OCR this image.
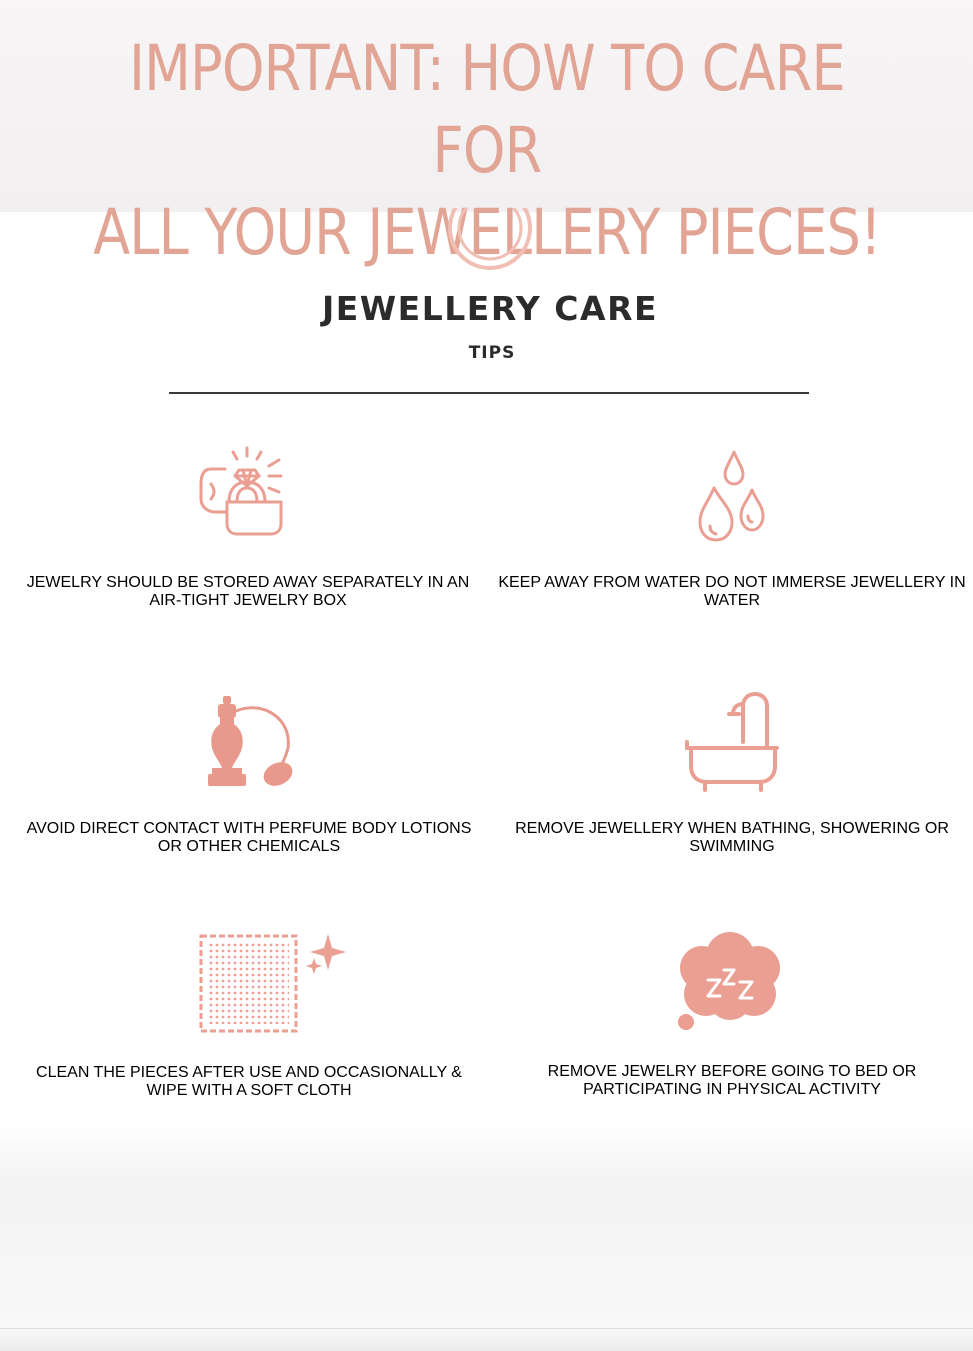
IMPORTANT: HOW TO CARE FOR
ALL YOUR JEWELLERY PIECES!
JEWELLERY CARE
TIPS
JEWELRY SHOULD BE STORED AWAY SEPARATELY IN AN AIR-TIGHT JEWELRY BOX
KEEP AWAY FROM WATER DO NOT IMMERSE JEWELLERY IN WATER
AVOID DIRECT CONTACT WITH PERFUME BODY LOTIONS OR OTHER CHEMICALS
REMOVE JEWELLERY WHEN BATHING, SHOWERING OR SWIMMING
CLEAN THE PIECES AFTER USE AND OCCASIONALLY & WIPE WITH A SOFT CLOTH
REMOVE JEWELRY BEFORE GOING TO BED OR PARTICIPATING IN PHYSICAL ACTIVITY
